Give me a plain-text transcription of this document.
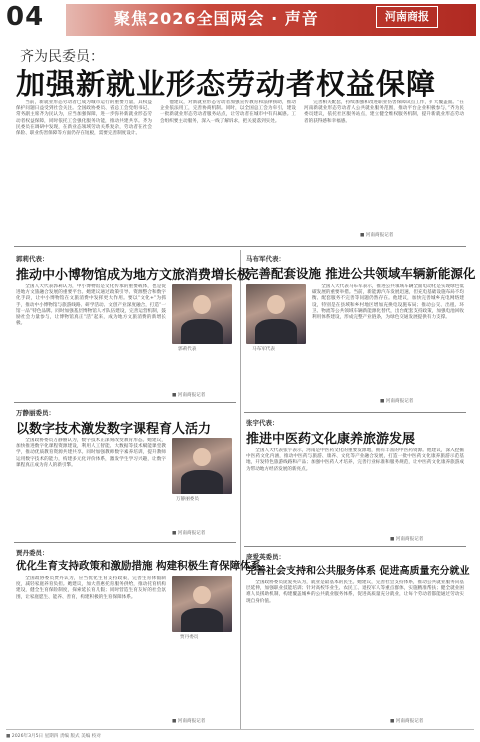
04	聚焦2026全国两会 · 声音	河南商报
齐为民委员：
加强新就业形态劳动者权益保障

当前，新就业形态劳动者已成为城市运行的重要力量，其权益保护问题日益受到社会关注。全国政协委员、省总工会党组书记、常务副主席齐为民认为，应当加强保障，进一步弥补新就业形态劳动者权益保障，同时依托工会强化服务功能，推动共建共享。齐为民委员在调研中发现，在新业态领域劳动关系复杂，劳动者在社会保险、职业伤害保障等方面仍存在短板，需要完善制度设计。

他建议，对新就业形态劳动者加强宣传教育和法律援助，推动企业依法用工，完善协商机制。同时，以全国总工会为牵引，建设一批新就业形态劳动者服务站点，让劳动者在城市中有归属感。工会组织要主动服务，深入一线了解诉求，把关爱落到实处。

完善相关配套，持续加强和改进职业伤害保障试点工作，扩大覆盖面。“在河南新就业形态劳动者人公共就业服务范围，推动平台企业积极参与，”齐为民委员建议，依托社区服务站点，建立健全维权服务机制，提升新就业形态劳动者的获得感和幸福感。

■ 河南商报记者
郭莉代表：
推动中小博物馆成为地方文旅消费増长极

全国人大代表郭莉认为，中小博物馆是文化传承的重要载体，也是促进地方文旅融合发展的重要平台。她建议通过政策引导、资源整合和数字化手段，让中小博物馆在文旅消费中发挥更大作用。要以“文化+”为抓手，推动中小博物馆与旅游线路、研学活动、文创产业深度融合，打造“一馆一品”特色品牌。同时加强基层博物馆人才队伍建设，完善运营机制，鼓励社会力量参与，让博物馆真正“活”起来，成为地方文旅消费的新增长极。

郭莉代表
■ 河南商报记者
马布军代表：
完善配套设施 推进公共领域车辆新能源化
马布军代表

全国人大代表马布军表示，推进公共领域车辆全面电动化是实现绿色低碳发展的重要举措。当前，新能源汽车发展迅速，但充电基础设施布局不均衡、配套服务不完善等问题仍然存在。他建议，加快完善城乡充电网络建设，特别是在县域和乡村地区增加充换电设施布局；推动公交、出租、环卫、物流等公共领域车辆新能源化替代，出台配套支持政策，加强电池回收利用体系建设，形成完整产业链条，为绿色交通发展提供有力支撑。

■ 河南商报记者
万静丽委员：
以数字技术激发数字课程育人活力

全国政协委员万静丽认为，数字技术正深刻改变教育形态。她建议，加快推进数字化课程资源建设，利用人工智能、大数据等技术赋能课堂教学，推动优质教育资源共建共享。同时加强教师数字素养培训，提升教师运用数字技术的能力，构建多元化评价体系，激发学生学习兴趣，让数字课程真正成为育人的新引擎。

万静丽委员
■ 河南商报记者
张宇代表：
推进中医药文化康养旅游发展

全国人大代表张宇表示，河南是中医药文化的重要发源地，拥有丰富的中医药资源。他建议，深入挖掘中医药文化内涵，推动中医药与旅游、康养、文化等产业融合发展，打造一批中医药文化康养旅游示范基地，开发特色旅游线路和产品；加强中医药人才培养，完善行业标准和服务规范，让中医药文化康养旅游成为带动地方经济发展的新亮点。

■ 河南商报记者
贾丹委员：
优化生育支持政策和激励措施 构建积极生育保障体系

全国政协委员贾丹认为，应当优化生育支持政策，完善生育休假制度，减轻家庭养育负担。她建议，加大普惠托育服务供给，推动托育机构建设，健全生育保险制度，探索延长育儿假；同时营造生育友好的社会氛围，让家庭愿生、能养、善育，构建积极的生育保障体系。

贾丹委员
■ 河南商报记者
庞爱英委员：
完善社会支持和公共服务体系 促进高质量充分就业

全国政协委员庞爱英认为，就业是最基本的民生。她建议，完善社会支持体系，推动公共就业服务向基层延伸，加强职业技能培训；针对高校毕业生、农民工、退役军人等重点群体，实施精准帮扶；健全就业困难人员援助机制，构建覆盖城乡的公共就业服务体系，促进高质量充分就业，让每个劳动者都能通过劳动实现自身价值。

■ 河南商报记者
■ 2026年3月5日 星期四 责编 版式 美编 校对
